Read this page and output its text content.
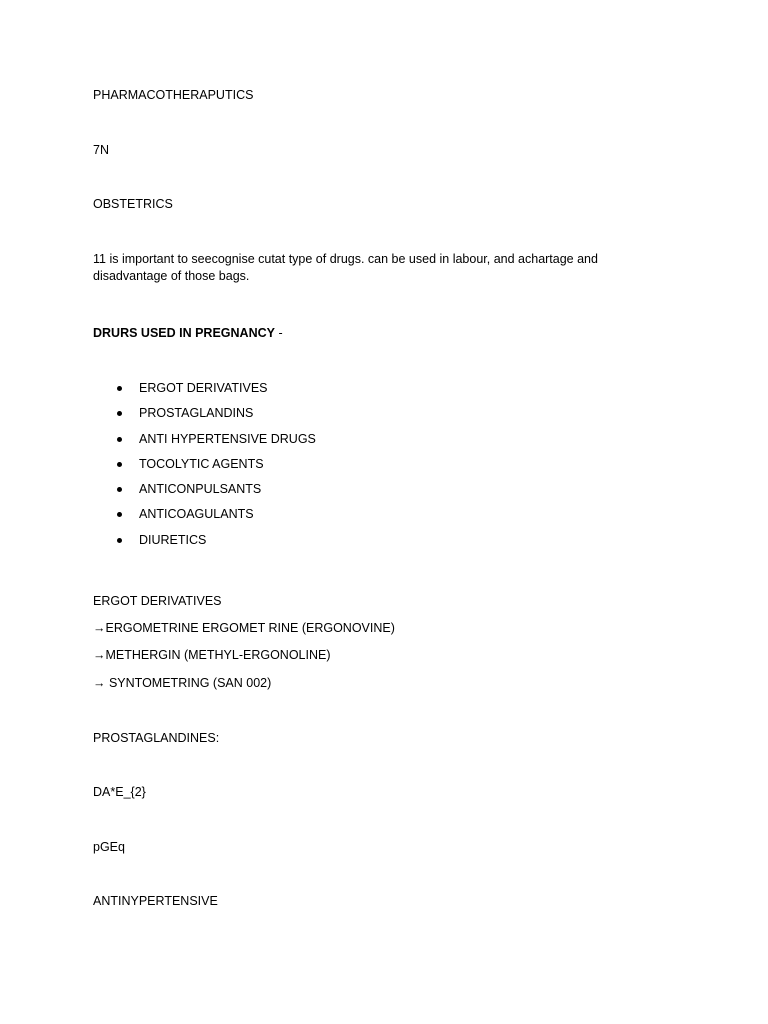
PHARMACOTHERAPUTICS

7N

OBSTETRICS

11 is important to seecognise cutat type of drugs. can be used in labour, and achartage and disadvantage of those bags.

DRURS USED IN PREGNANCY -

ERGOT DERIVATIVES
PROSTAGLANDINS
ANTI HYPERTENSIVE DRUGS
TOCOLYTIC AGENTS
ANTICONPULSANTS
ANTICOAGULANTS
DIURETICS

ERGOT DERIVATIVES

→ERGOMETRINE ERGOMET RINE (ERGONOVINE)

→METHERGIN (METHYL-ERGONOLINE)

→ SYNTOMETRING (SAN 002)

PROSTAGLANDINES:

DA*E_{2}

pGEq

ANTINYPERTENSIVE
